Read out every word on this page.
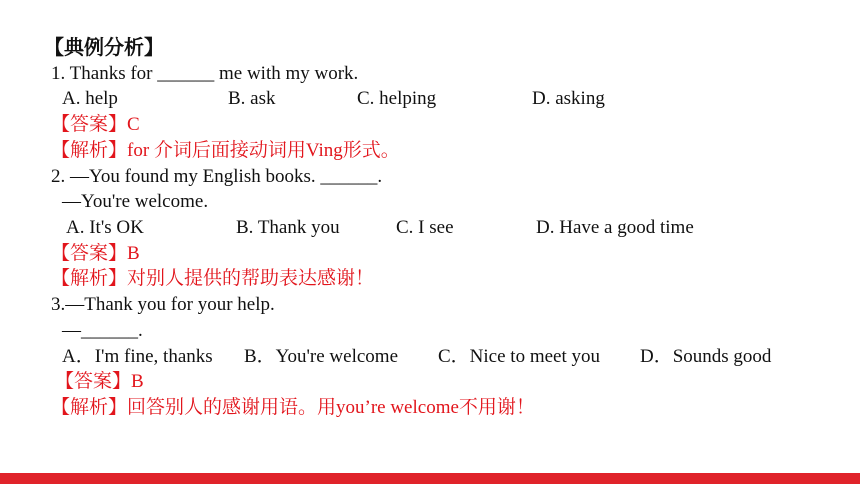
【典例分析】
1. Thanks for ______ me with my work.

A. help

	B. ask

	C. helping

	D. asking

【答案】C
【解析】for 介词后面接动词用Ving形式。
2. —You found my English books. ______.
—You're welcome.

A. It's OK

	B. Thank you

	C. I see

	D. Have a good time

【答案】B
【解析】对别人提供的帮助表达感谢！
3.—Thank you for your help.
—______.

A．I'm fine, thanks

B．You're welcome

C．Nice to meet you

D．Sounds good

【答案】B
【解析】回答别人的感谢用语。用you’re welcome不用谢！
